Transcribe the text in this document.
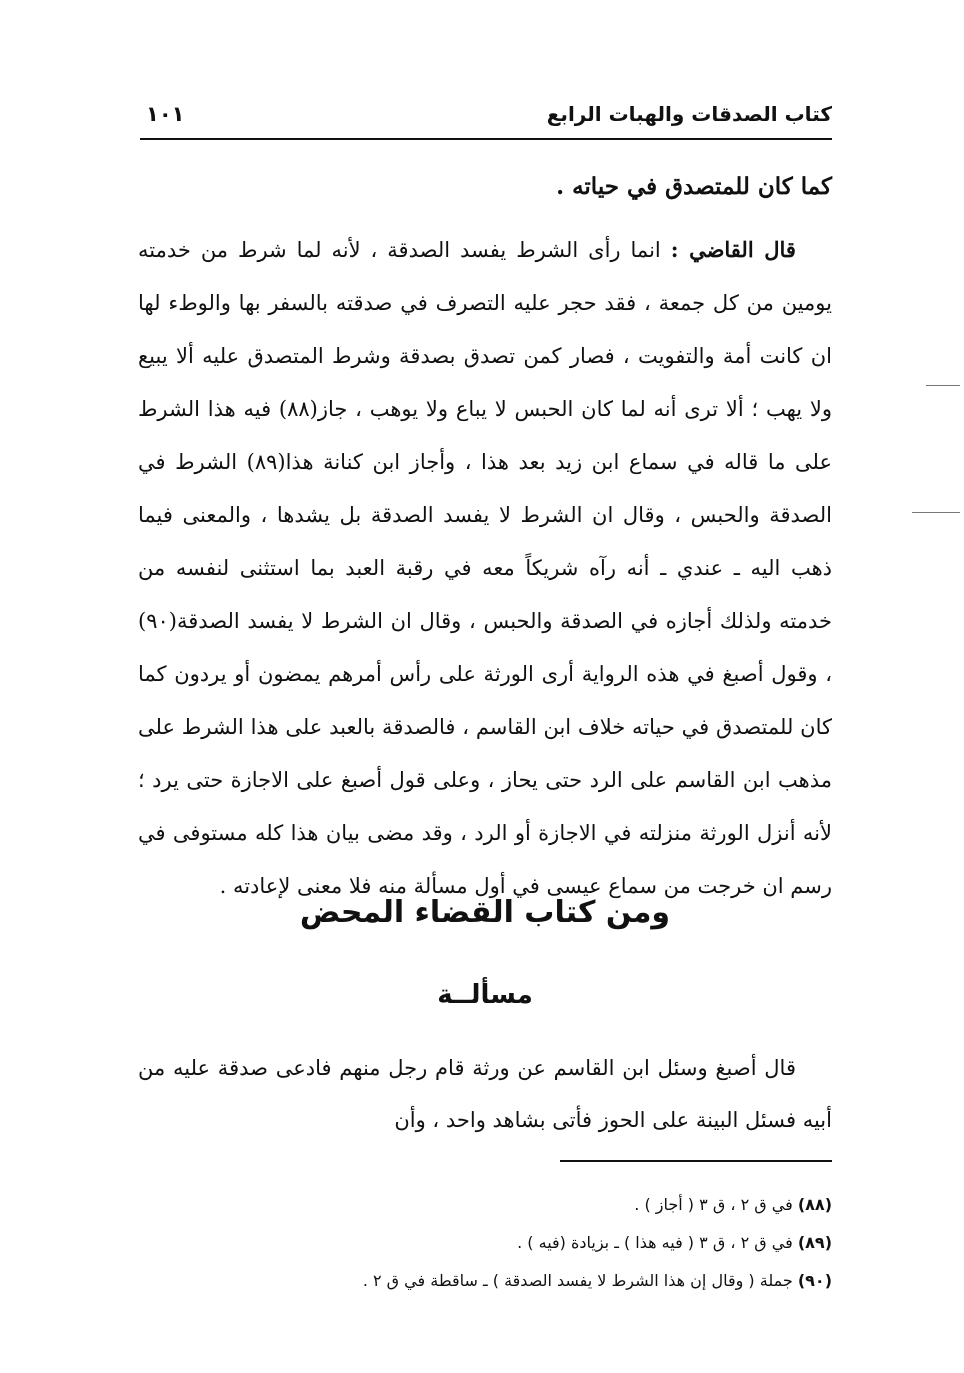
كتاب الصدقات والهبات الرابع
١٠١

كما كان للمتصدق في حياته .

قال القاضي : انما رأى الشرط يفسد الصدقة ، لأنه لما شرط من خدمته يومين من كل جمعة ، فقد حجر عليه التصرف في صدقته بالسفر بها والوطء لها ان كانت أمة والتفويت ، فصار كمن تصدق بصدقة وشرط المتصدق عليه ألا يبيع ولا يهب ؛ ألا ترى أنه لما كان الحبس لا يباع ولا يوهب ، جاز(٨٨) فيه هذا الشرط على ما قاله في سماع ابن زيد بعد هذا ، وأجاز ابن كنانة هذا(٨٩) الشرط في الصدقة والحبس ، وقال ان الشرط لا يفسد الصدقة بل يشدها ، والمعنى فيما ذهب اليه ـ عندي ـ أنه رآه شريكاً معه في رقبة العبد بما استثنى لنفسه من خدمته ولذلك أجازه في الصدقة والحبس ، وقال ان الشرط لا يفسد الصدقة(٩٠) ، وقول أصبغ في هذه الرواية أرى الورثة على رأس أمرهم يمضون أو يردون كما كان للمتصدق في حياته خلاف ابن القاسم ، فالصدقة بالعبد على هذا الشرط على مذهب ابن القاسم على الرد حتى يحاز ، وعلى قول أصبغ على الاجازة حتى يرد ؛ لأنه أنزل الورثة منزلته في الاجازة أو الرد ، وقد مضى بيان هذا كله مستوفى في رسم ان خرجت من سماع عيسى في أول مسألة منه فلا معنى لإعادته .

ومن كتاب القضاء المحض
مسألــة

قال أصبغ وسئل ابن القاسم عن ورثة قام رجل منهم فادعى صدقة عليه من أبيه فسئل البينة على الحوز فأتى بشاهد واحد ، وأن

(٨٨) في ق ٢ ، ق ٣ ( أجاز ) .

(٨٩) في ق ٢ ، ق ٣ ( فيه هذا ) ـ بزيادة (فيه ) .

(٩٠) جملة ( وقال إن هذا الشرط لا يفسد الصدقة ) ـ ساقطة في ق ٢ .
